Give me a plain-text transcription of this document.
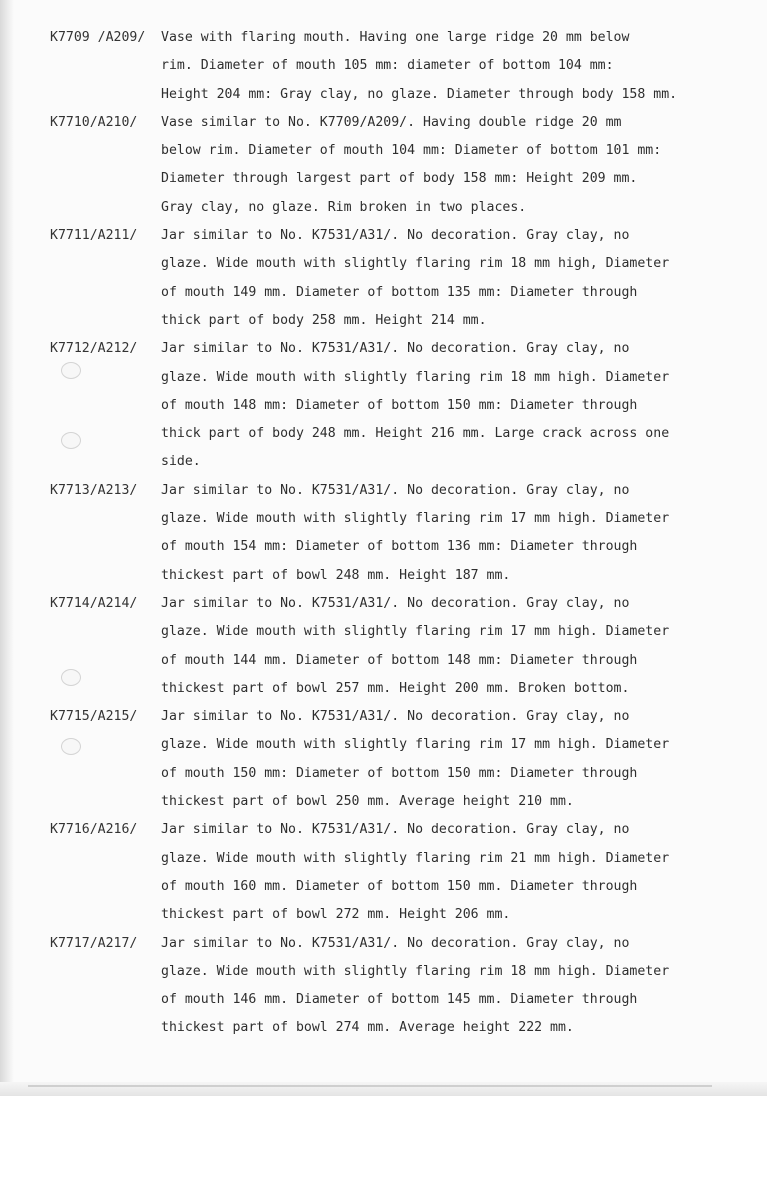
K7709 /A209/ Vase with flaring mouth. Having one large ridge 20 mm below
rim. Diameter of mouth 105 mm: diameter of bottom 104 mm:
Height 204 mm: Gray clay, no glaze. Diameter through body 158 mm.
K7710/A210/ Vase similar to No. K7709/A209/. Having double ridge 20 mm
below rim. Diameter of mouth 104 mm: Diameter of bottom 101 mm:
Diameter through largest part of body 158 mm: Height 209 mm.
Gray clay, no glaze. Rim broken in two places.
K7711/A211/ Jar similar to No. K7531/A31/. No decoration. Gray clay, no
glaze. Wide mouth with slightly flaring rim 18 mm high, Diameter
of mouth 149 mm. Diameter of bottom 135 mm: Diameter through
thick part of body 258 mm. Height 214 mm.
K7712/A212/ Jar similar to No. K7531/A31/. No decoration. Gray clay, no
glaze. Wide mouth with slightly flaring rim 18 mm high. Diameter
of mouth 148 mm: Diameter of bottom 150 mm: Diameter through
thick part of body 248 mm. Height 216 mm. Large crack across one
side.
K7713/A213/ Jar similar to No. K7531/A31/. No decoration. Gray clay, no
glaze. Wide mouth with slightly flaring rim 17 mm high. Diameter
of mouth 154 mm: Diameter of bottom 136 mm: Diameter through
thickest part of bowl 248 mm. Height 187 mm.
K7714/A214/ Jar similar to No. K7531/A31/. No decoration. Gray clay, no
glaze. Wide mouth with slightly flaring rim 17 mm high. Diameter
of mouth 144 mm. Diameter of bottom 148 mm: Diameter through
thickest part of bowl 257 mm. Height 200 mm. Broken bottom.
K7715/A215/ Jar similar to No. K7531/A31/. No decoration. Gray clay, no
glaze. Wide mouth with slightly flaring rim 17 mm high. Diameter
of mouth 150 mm: Diameter of bottom 150 mm: Diameter through
thickest part of bowl 250 mm. Average height 210 mm.
K7716/A216/ Jar similar to No. K7531/A31/. No decoration. Gray clay, no
glaze. Wide mouth with slightly flaring rim 21 mm high. Diameter
of mouth 160 mm. Diameter of bottom 150 mm. Diameter through
thickest part of bowl 272 mm. Height 206 mm.
K7717/A217/ Jar similar to No. K7531/A31/. No decoration. Gray clay, no
glaze. Wide mouth with slightly flaring rim 18 mm high. Diameter
of mouth 146 mm. Diameter of bottom 145 mm. Diameter through
thickest part of bowl 274 mm. Average height 222 mm.
